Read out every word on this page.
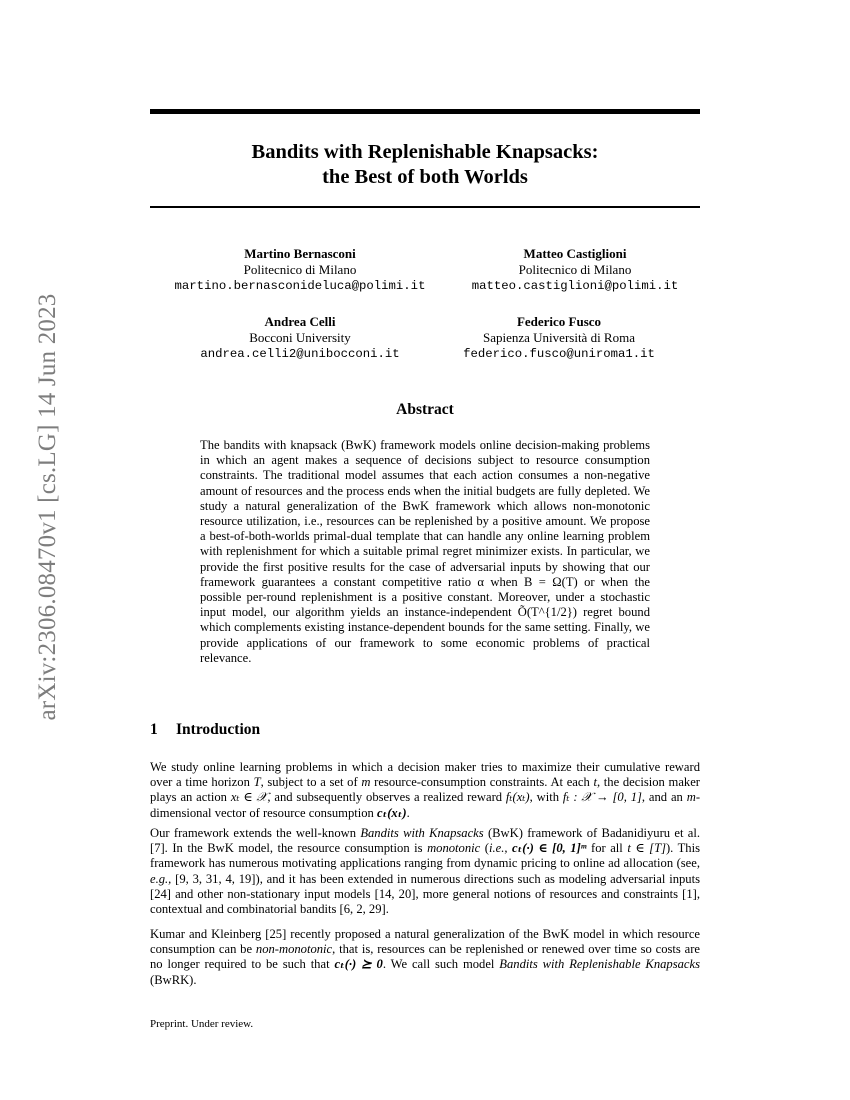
arXiv:2306.08470v1 [cs.LG] 14 Jun 2023
Bandits with Replenishable Knapsacks:
the Best of both Worlds
Martino Bernasconi
Politecnico di Milano
martino.bernasconideluca@polimi.it
Matteo Castiglioni
Politecnico di Milano
matteo.castiglioni@polimi.it
Andrea Celli
Bocconi University
andrea.celli2@unibocconi.it
Federico Fusco
Sapienza Università di Roma
federico.fusco@uniroma1.it
Abstract
The bandits with knapsack (BwK) framework models online decision-making problems in which an agent makes a sequence of decisions subject to resource consumption constraints. The traditional model assumes that each action consumes a non-negative amount of resources and the process ends when the initial budgets are fully depleted. We study a natural generalization of the BwK framework which allows non-monotonic resource utilization, i.e., resources can be replenished by a positive amount. We propose a best-of-both-worlds primal-dual template that can handle any online learning problem with replenishment for which a suitable primal regret minimizer exists. In particular, we provide the first positive results for the case of adversarial inputs by showing that our framework guarantees a constant competitive ratio α when B = Ω(T) or when the possible per-round replenishment is a positive constant. Moreover, under a stochastic input model, our algorithm yields an instance-independent Õ(T^{1/2}) regret bound which complements existing instance-dependent bounds for the same setting. Finally, we provide applications of our framework to some economic problems of practical relevance.
1 Introduction
We study online learning problems in which a decision maker tries to maximize their cumulative reward over a time horizon T, subject to a set of m resource-consumption constraints. At each t, the decision maker plays an action xₜ ∈ 𝒳, and subsequently observes a realized reward fₜ(xₜ), with fₜ : 𝒳 → [0, 1], and an m-dimensional vector of resource consumption cₜ(xₜ).
Our framework extends the well-known Bandits with Knapsacks (BwK) framework of Badanidiyuru et al. [7]. In the BwK model, the resource consumption is monotonic (i.e., cₜ(·) ∈ [0, 1]ᵐ for all t ∈ [T]). This framework has numerous motivating applications ranging from dynamic pricing to online ad allocation (see, e.g., [9, 3, 31, 4, 19]), and it has been extended in numerous directions such as modeling adversarial inputs [24] and other non-stationary input models [14, 20], more general notions of resources and constraints [1], contextual and combinatorial bandits [6, 2, 29].
Kumar and Kleinberg [25] recently proposed a natural generalization of the BwK model in which resource consumption can be non-monotonic, that is, resources can be replenished or renewed over time so costs are no longer required to be such that cₜ(·) ⪰ 0. We call such model Bandits with Replenishable Knapsacks (BwRK).
Preprint. Under review.
